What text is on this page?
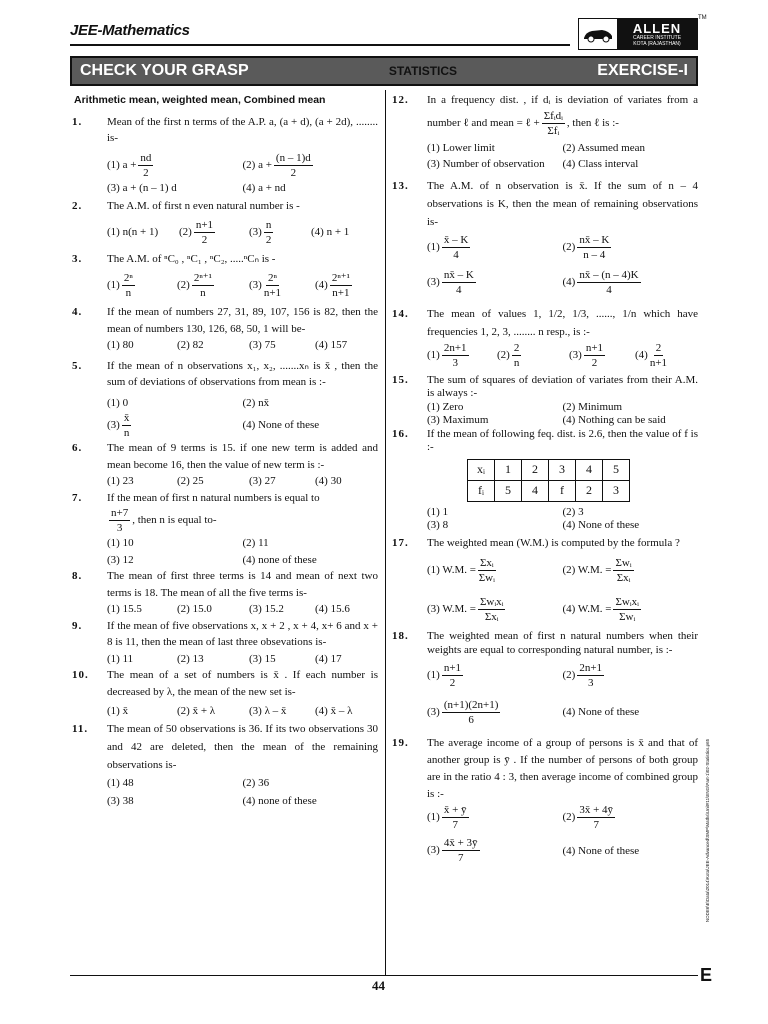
JEE-Mathematics	ALLEN
CAREER INSTITUTE
KOTA (RAJASTHAN)
TM
CHECK YOUR GRASP	STATISTICS	EXERCISE-I
Arithmetic mean, weighted mean, Combined mean
1. Mean of the first n terms of the A.P. a, (a + d), (a + 2d), ........ is-
(1) $a + \frac{nd}{2}$	(2) $a + \frac{(n - 1)d}{2}$
(3) a + (n – 1) d	(4) a + nd
2. The A.M. of first n even natural number is -
(1) n(n + 1)	$(2) \frac{n+1}{2}$	$(3) \frac{n}{2}$	(4) n + 1
3. The A.M. of ⁿC₀ , ⁿC₁ , ⁿC₂, .....ⁿCₙ is -
$(1) \frac{\text{2ⁿ}}{n}$	$(2) \frac{\text{2ⁿ⁺¹}}{n}$	$(3) \frac{\text{2ⁿ}}{n+1}$	$(4) \frac{\text{2ⁿ⁺¹}}{n+1}$
4. If the mean of numbers 27, 31, 89, 107, 156 is 82, then the mean of numbers 130, 126, 68, 50, 1 will be-
(1) 80	(2) 82	(3) 75	(4) 157
5. If the mean of n observations x₁, x₂, .......xₙ is x̄ , then the sum of deviations of observations from mean is :-
(1) 0	(2) nx̄
$(3) \frac{x̄}{n}$	(4) None of these
6. The mean of 9 terms is 15. if one new term is added and mean become 16, then the value of new term is :-
(1) 23	(2) 25	(3) 27	(4) 30
7. If the mean of first n natural numbers is equal to
$\frac{n+7}{3}$ , then n is equal to-
(1) 10	(2) 11
(3) 12	(4) none of these
8. The mean of first three terms is 14 and mean of next two terms is 18. The mean of all the five terms is-
(1) 15.5	(2) 15.0	(3) 15.2	(4) 15.6
9. If the mean of five observations x, x + 2 , x + 4, x+ 6 and x + 8 is 11, then the mean of last three obsevations is-
(1) 11	(2) 13	(3) 15	(4) 17
10. The mean of a set of numbers is x̄ . If each number is decreased by λ, the mean of the new set is-
(1) x̄	(2) x̄ + λ	(3) λ – x̄	(4) x̄ – λ
11. The mean of 50 observations is 36. If its two observations 30 and 42 are deleted, then the mean of the remaining observations is-
(1) 48	(2) 36
(3) 38	(4) none of these
12. In a frequency dist. , if dᵢ is deviation of variates from a number ℓ and mean = ℓ +
Σfᵢdᵢ
Σfᵢ
, then ℓ is :-
(1) Lower limit	(2) Assumed mean
(3) Number of observation	(4) Class interval
13. The A.M. of n observation is x̄. If the sum of n – 4 observations is K, then the mean of remaining observations is-
$(1) \frac{x̄ - K}{4}$	$(2) \frac{nx̄ - K}{n - 4}$
$(3) \frac{nx̄ - K}{4}$	$(4) \frac{nx̄ - (n - 4)K}{4}$
14. The mean of values 1, 1/2, 1/3, ......, 1/n which have frequencies 1, 2, 3, ........ n resp., is :-
$(1) \frac{2n+1}{3}$	$(2) \frac{2}{n}$	$(3) \frac{n+1}{2}$	$(4) \frac{2}{n+1}$
15. The sum of squares of deviation of variates from their A.M. is always :-
(1) Zero	(2) Minimum
(3) Maximum	(4) Nothing can be said
16. If the mean of following feq. dist. is 2.6, then the value of f is :-
xᵢ	1	2	3	4	5
fᵢ	5	4	f	2	3
(1) 1	(2) 3
(3) 8	(4) None of these
17. The weighted mean (W.M.) is computed by the formula ?
(1) W.M. =
Σxᵢ
Σwᵢ
(2) W.M. =
Σwᵢ
Σxᵢ
(3) W.M. =
Σwᵢxᵢ
Σxᵢ
(4) W.M. =
Σwᵢxᵢ
Σwᵢ
18. The weighted mean of first n natural numbers when their weights are equal to corresponding natural number, is :-
$(1) \frac{n+1}{2}$	$(2) \frac{2n+1}{3}$
$(3) \frac{(n+1)(2n+1)}{6}$	(4) None of these
19. The average income of a group of persons is x̄ and that of another group is ȳ . If the number of persons of both group are in the ratio 4 : 3, then average income of combined group is :-
$(1) \frac{x̄ + ȳ}{7}$	$(2) \frac{3x̄ + 4ȳ}{7}$
$(3) \frac{4x̄ + 3ȳ}{7}$	(4) None of these	NODE6\E\Data\2014\Kota\JEE-Advanced\SMP\Maths\Unit#11\ENG\Part-1\02-Statistics.p65
44
E
